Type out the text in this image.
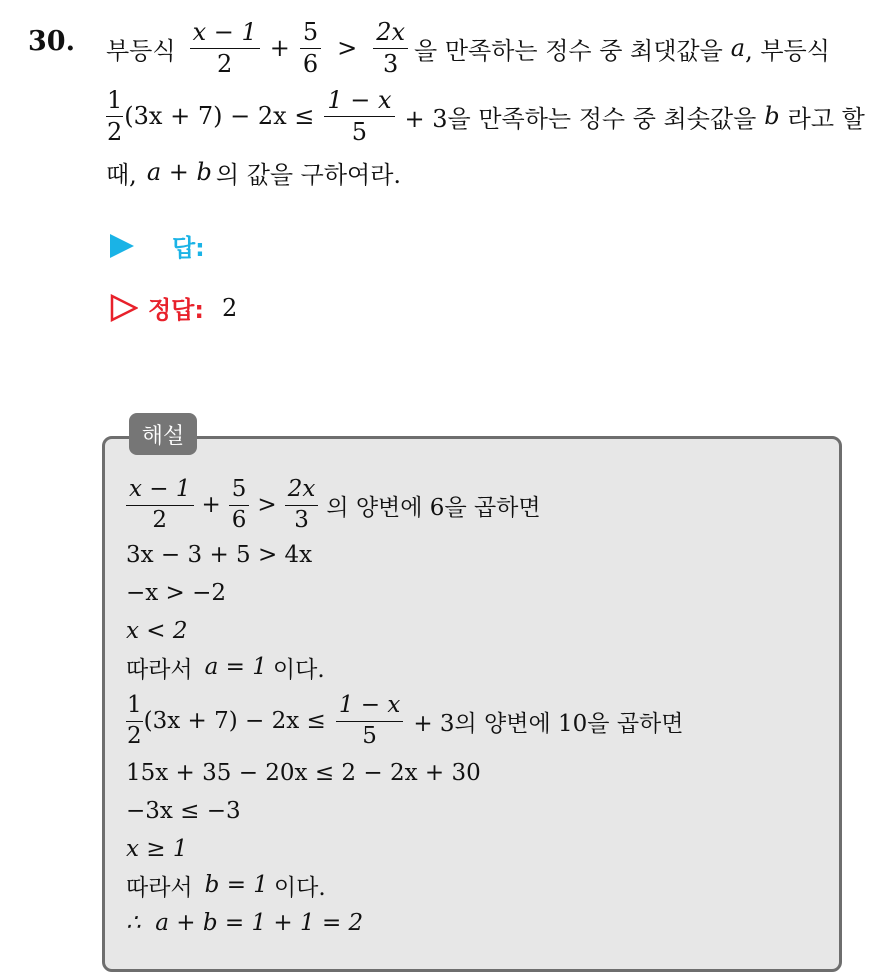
30. 부등식 $\frac{x - 1}{2} + \frac{5}{6} > \frac{2x}{3}$ 을 만족하는 정수 중 최댓값을 a , 부등식
$\frac{1}{2} (3x + 7) - 2x \le \frac{1 - x}{5} + 3$을 만족하는 정수 중 최솟값을 b 라고 할
때, a + b 의 값을 구하여라.
답:
정답: 2
해설
$\frac{x - 1}{2} + \frac{5}{6} > \frac{2x}{3}$ 의 양변에 6을 곱하면
3x − 3 + 5 > 4x
−x > −2
x < 2
따라서 a = 1 이다.
$\frac{1}{2} (3x + 7) - 2x \le \frac{1 - x}{5} + 3$의 양변에 10을 곱하면
15x + 35 − 20x ≤ 2 − 2x + 30
−3x ≤ −3
x ≥ 1
따라서 b = 1 이다.
∴  a + b = 1 + 1 = 2
